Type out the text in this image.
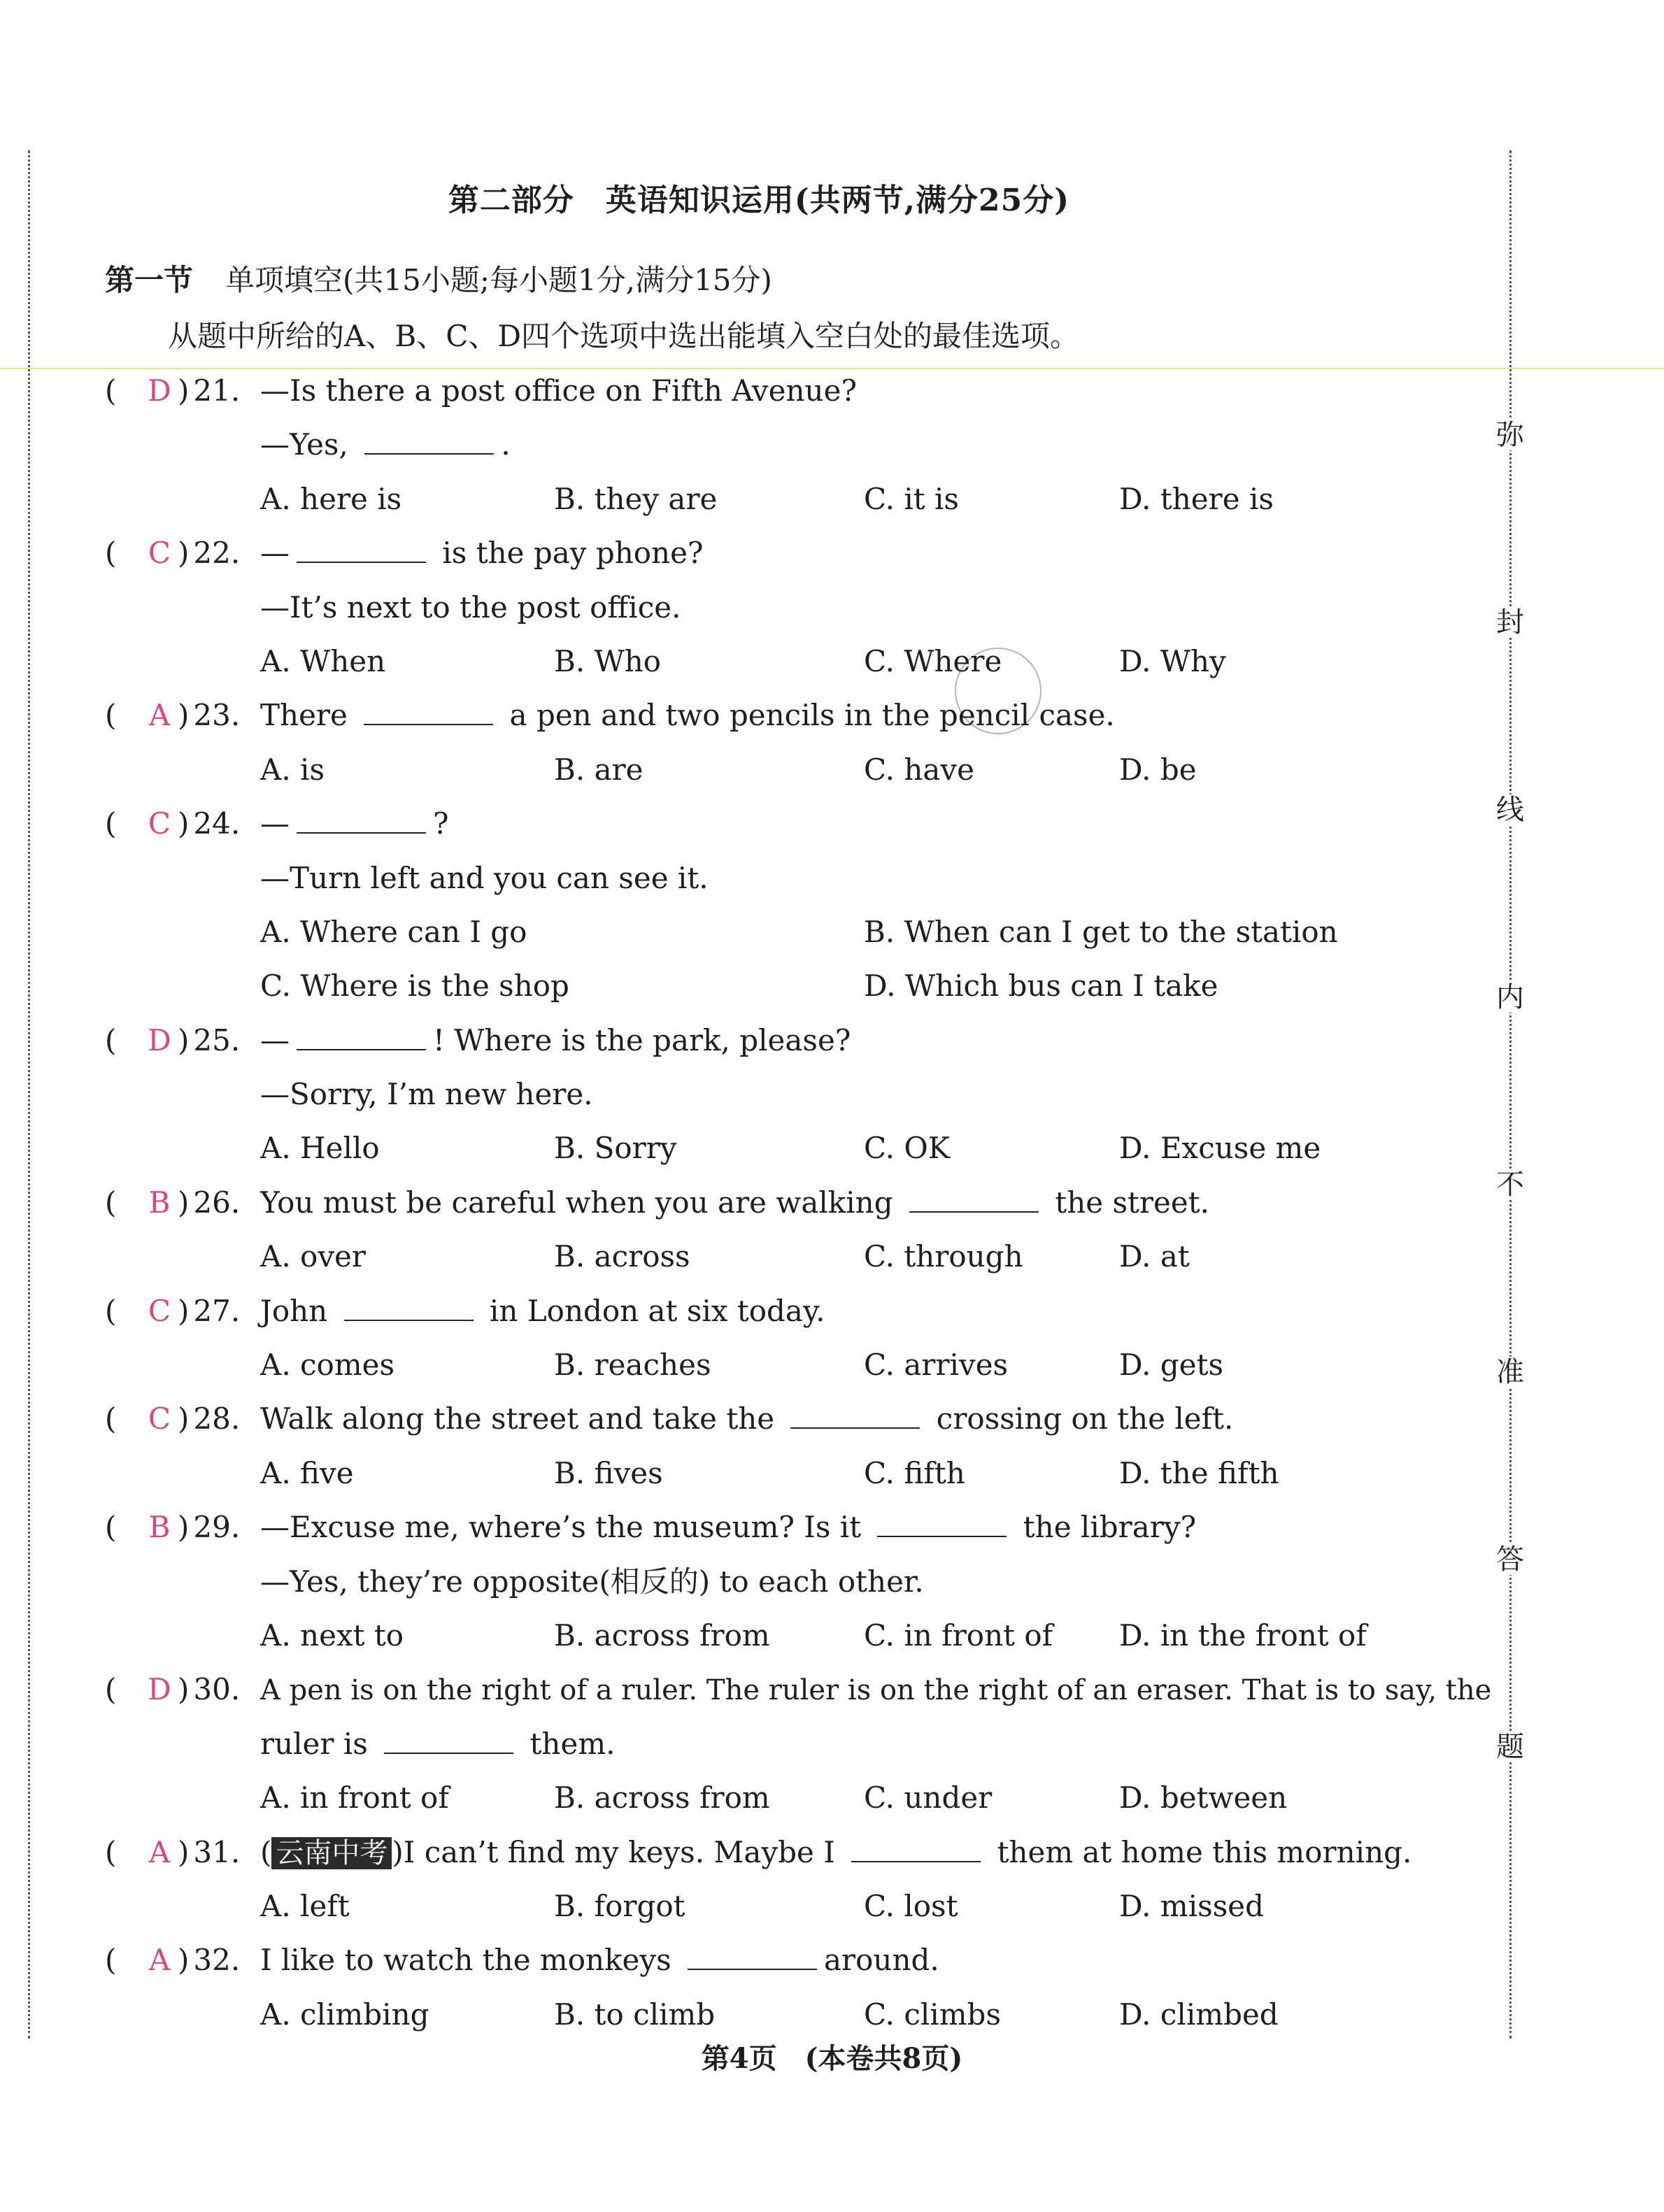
弥
封
线
内
不
准
答
题
第二部分　英语知识运用(共两节,满分25分)
第一节 单项填空(共15小题;每小题1分,满分15分)
从题中所给的A、B、C、D四个选项中选出能填入空白处的最佳选项。
( D ) 21. —Is there a post office on Fifth Avenue?
—Yes,	.
A. here is	B. they are	C. it is	D. there is
( C ) 22. —	is the pay phone?
—It’s next to the post office.
A. When	B. Who	C. Where	D. Why
( A ) 23. There	a pen and two pencils in the pencil case.
A. is	B. are	C. have	D. be
( C ) 24. —	?
—Turn left and you can see it.
A. Where can I go	B. When can I get to the station
C. Where is the shop	D. Which bus can I take
( D ) 25. —	! Where is the park, please?
—Sorry, I’m new here.
A. Hello	B. Sorry	C. OK	D. Excuse me
( B ) 26. You must be careful when you are walking	the street.
A. over	B. across	C. through	D. at
( C ) 27. John	in London at six today.
A. comes	B. reaches	C. arrives	D. gets
( C ) 28. Walk along the street and take the	crossing on the left.
A. five	B. fives	C. fifth	D. the fifth
( B ) 29. —Excuse me, where’s the museum? Is it	the library?
—Yes, they’re opposite(相反的) to each other.
A. next to	B. across from	C. in front of D. in the front of
( D ) 30. A pen is on the right of a ruler. The ruler is on the right of an eraser. That is to say, the
ruler is	them.
A. in front of	B. across from	C. under	D. between
( A ) 31. ( 云南中考 )I can’t find my keys. Maybe I	them at home this morning.
A. left	B. forgot	C. lost	D. missed
( A ) 32. I like to watch the monkeys	around.
A. climbing	B. to climb	C. climbs	D. climbed
第4页　(本卷共8页)
